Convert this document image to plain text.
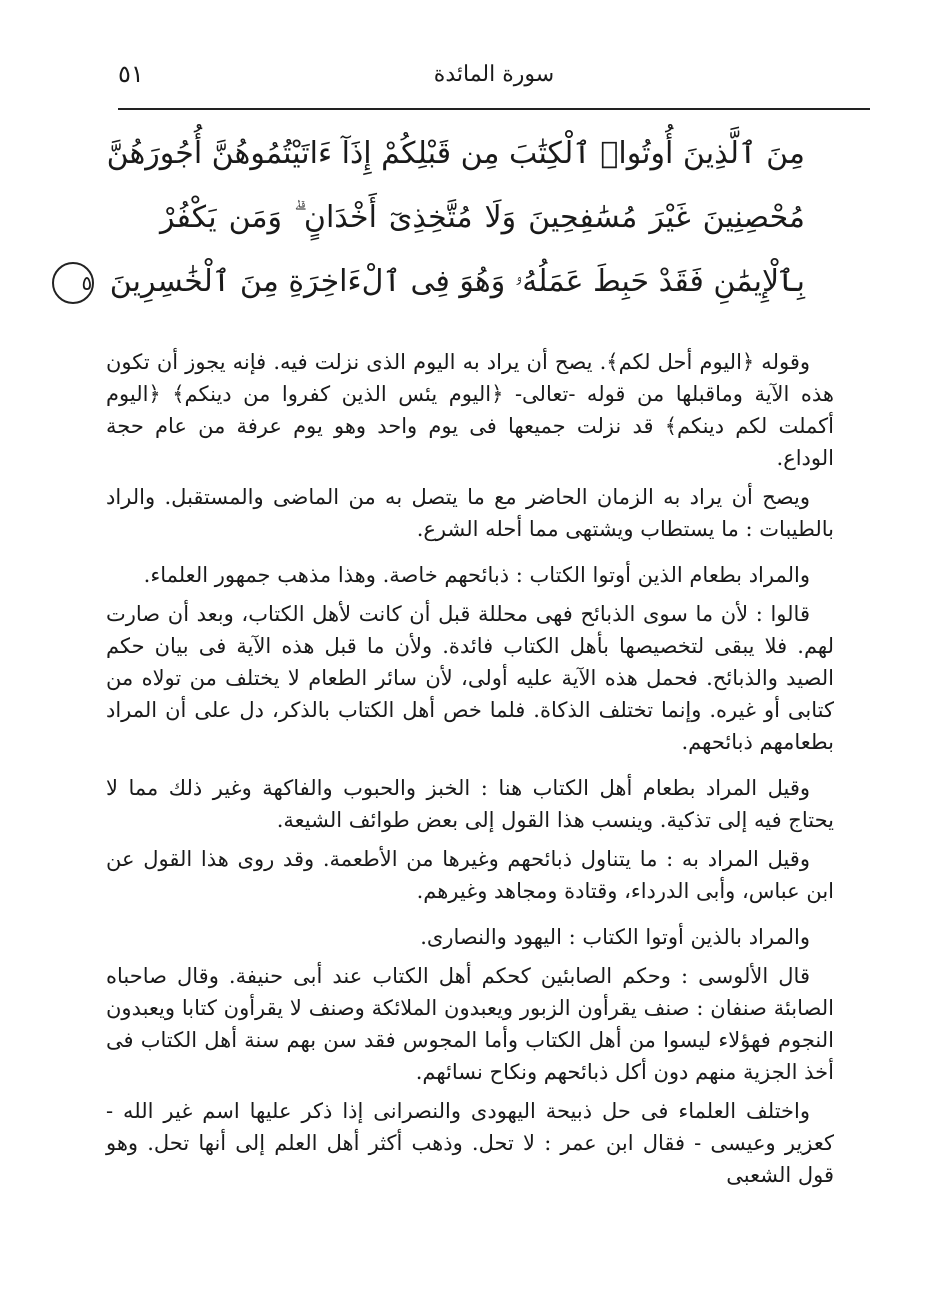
٥١	سورة المائدة
مِنَ ٱلَّذِينَ أُوتُوا۟ ٱلْكِتَٰبَ مِن قَبْلِكُمْ إِذَآ ءَاتَيْتُمُوهُنَّ أُجُورَهُنَّ
مُحْصِنِينَ غَيْرَ مُسَٰفِحِينَ وَلَا مُتَّخِذِىٓ أَخْدَانٍ ۗ وَمَن يَكْفُرْ
بِٱلْإِيمَٰنِ فَقَدْ حَبِطَ عَمَلُهُۥ وَهُوَ فِى ٱلْءَاخِرَةِ مِنَ ٱلْخَٰسِرِينَ ٥

وقوله ﴿اليوم أحل لكم﴾. يصح أن يراد به اليوم الذى نزلت فيه. فإنه يجوز أن تكون هذه الآية وماقبلها من قوله -تعالى- ﴿اليوم يئس الذين كفروا من دينكم﴾ ﴿اليوم أكملت لكم دينكم﴾ قد نزلت جميعها فى يوم واحد وهو يوم عرفة من عام حجة الوداع.

ويصح أن يراد به الزمان الحاضر مع ما يتصل به من الماضى والمستقبل. والراد بالطيبات : ما يستطاب ويشتهى مما أحله الشرع.

والمراد بطعام الذين أوتوا الكتاب : ذبائحهم خاصة. وهذا مذهب جمهور العلماء.

قالوا : لأن ما سوى الذبائح فهى محللة قبل أن كانت لأهل الكتاب، وبعد أن صارت لهم. فلا يبقى لتخصيصها بأهل الكتاب فائدة. ولأن ما قبل هذه الآية فى بيان حكم الصيد والذبائح. فحمل هذه الآية عليه أولى، لأن سائر الطعام لا يختلف من تولاه من كتابى أو غيره. وإنما تختلف الذكاة. فلما خص أهل الكتاب بالذكر، دل على أن المراد بطعامهم ذبائحهم.

وقيل المراد بطعام أهل الكتاب هنا : الخبز والحبوب والفاكهة وغير ذلك مما لا يحتاج فيه إلى تذكية. وينسب هذا القول إلى بعض طوائف الشيعة.

وقيل المراد به : ما يتناول ذبائحهم وغيرها من الأطعمة. وقد روى هذا القول عن ابن عباس، وأبى الدرداء، وقتادة ومجاهد وغيرهم.

والمراد بالذين أوتوا الكتاب : اليهود والنصارى.

قال الألوسى : وحكم الصابئين كحكم أهل الكتاب عند أبى حنيفة. وقال صاحباه الصابئة صنفان : صنف يقرأون الزبور ويعبدون الملائكة وصنف لا يقرأون كتابا ويعبدون النجوم فهؤلاء ليسوا من أهل الكتاب وأما المجوس فقد سن بهم سنة أهل الكتاب فى أخذ الجزية منهم دون أكل ذبائحهم ونكاح نسائهم.

واختلف العلماء فى حل ذبيحة اليهودى والنصرانى إذا ذكر عليها اسم غير الله - كعزير وعيسى - فقال ابن عمر : لا تحل. وذهب أكثر أهل العلم إلى أنها تحل. وهو قول الشعبى
